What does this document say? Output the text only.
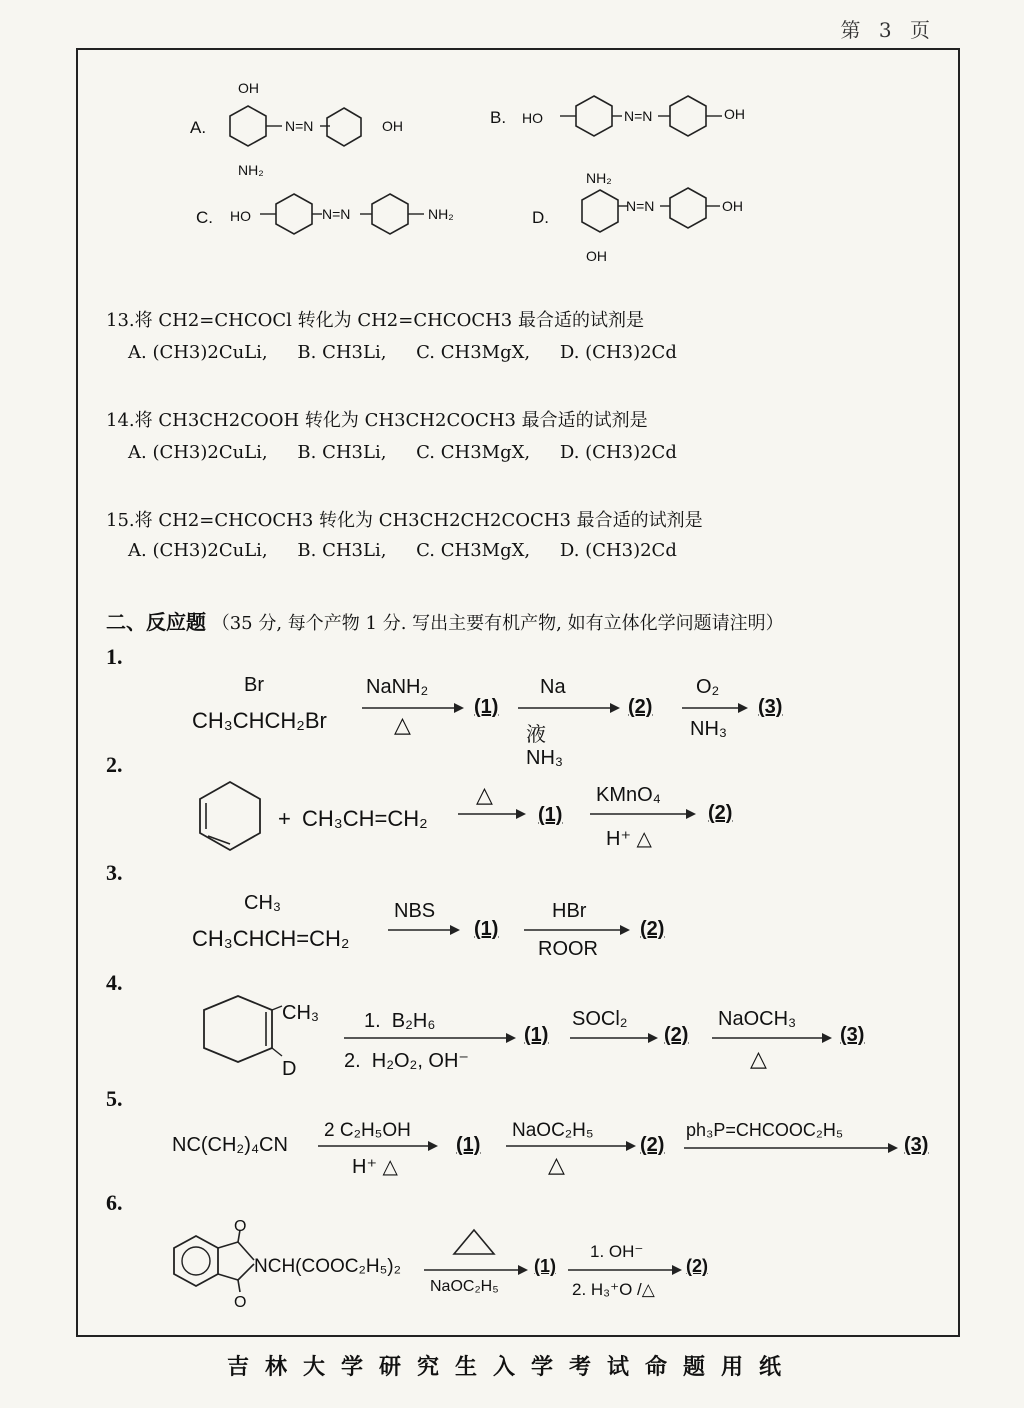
第 3 页
A.
OH
N=N	OH
NH₂
B. HO	N=N	OH
C. HO	N=N	NH₂	D.
NH₂
N=N	OH
OH
13.将 CH2=CHCOCl 转化为 CH2=CHCOCH3 最合适的试剂是
A. (CH3)2CuLi, B. CH3Li, C. CH3MgX, D. (CH3)2Cd
14.将 CH3CH2COOH 转化为 CH3CH2COCH3 最合适的试剂是
A. (CH3)2CuLi, B. CH3Li, C. CH3MgX, D. (CH3)2Cd
15.将 CH2=CHCOCH3 转化为 CH3CH2CH2COCH3 最合适的试剂是
A. (CH3)2CuLi, B. CH3Li, C. CH3MgX, D. (CH3)2Cd
二、反应题 （35 分, 每个产物 1 分. 写出主要有机产物, 如有立体化学问题请注明）
1.
Br
CH₃CHCH₂Br
NaNH₂
△
(1)
Na
液NH₃
(2)
O₂
NH₃
(3)
2.
+ CH₃CH=CH₂
△
(1)
KMnO₄
H⁺ △
(2)
3.
CH₃
CH₃CHCH=CH₂
NBS
(1)
HBr
ROOR
(2)
4.
CH₃
D
1.  B₂H₆
2.  H₂O₂, OH⁻
(1)
SOCl₂
(2)
NaOCH₃
△
(3)
5.
NC(CH₂)₄CN
2 C₂H₅OH
H⁺ △
(1)
NaOC₂H₅
△
(2)
ph₃P=CHCOOC₂H₅
(3)
6.
O
O
NCH(COOC₂H₅)₂
NaOC₂H₅
(1)
1. OH⁻
2. H₃⁺O /△
(2)
吉林大学研究生入学考试命题用纸
